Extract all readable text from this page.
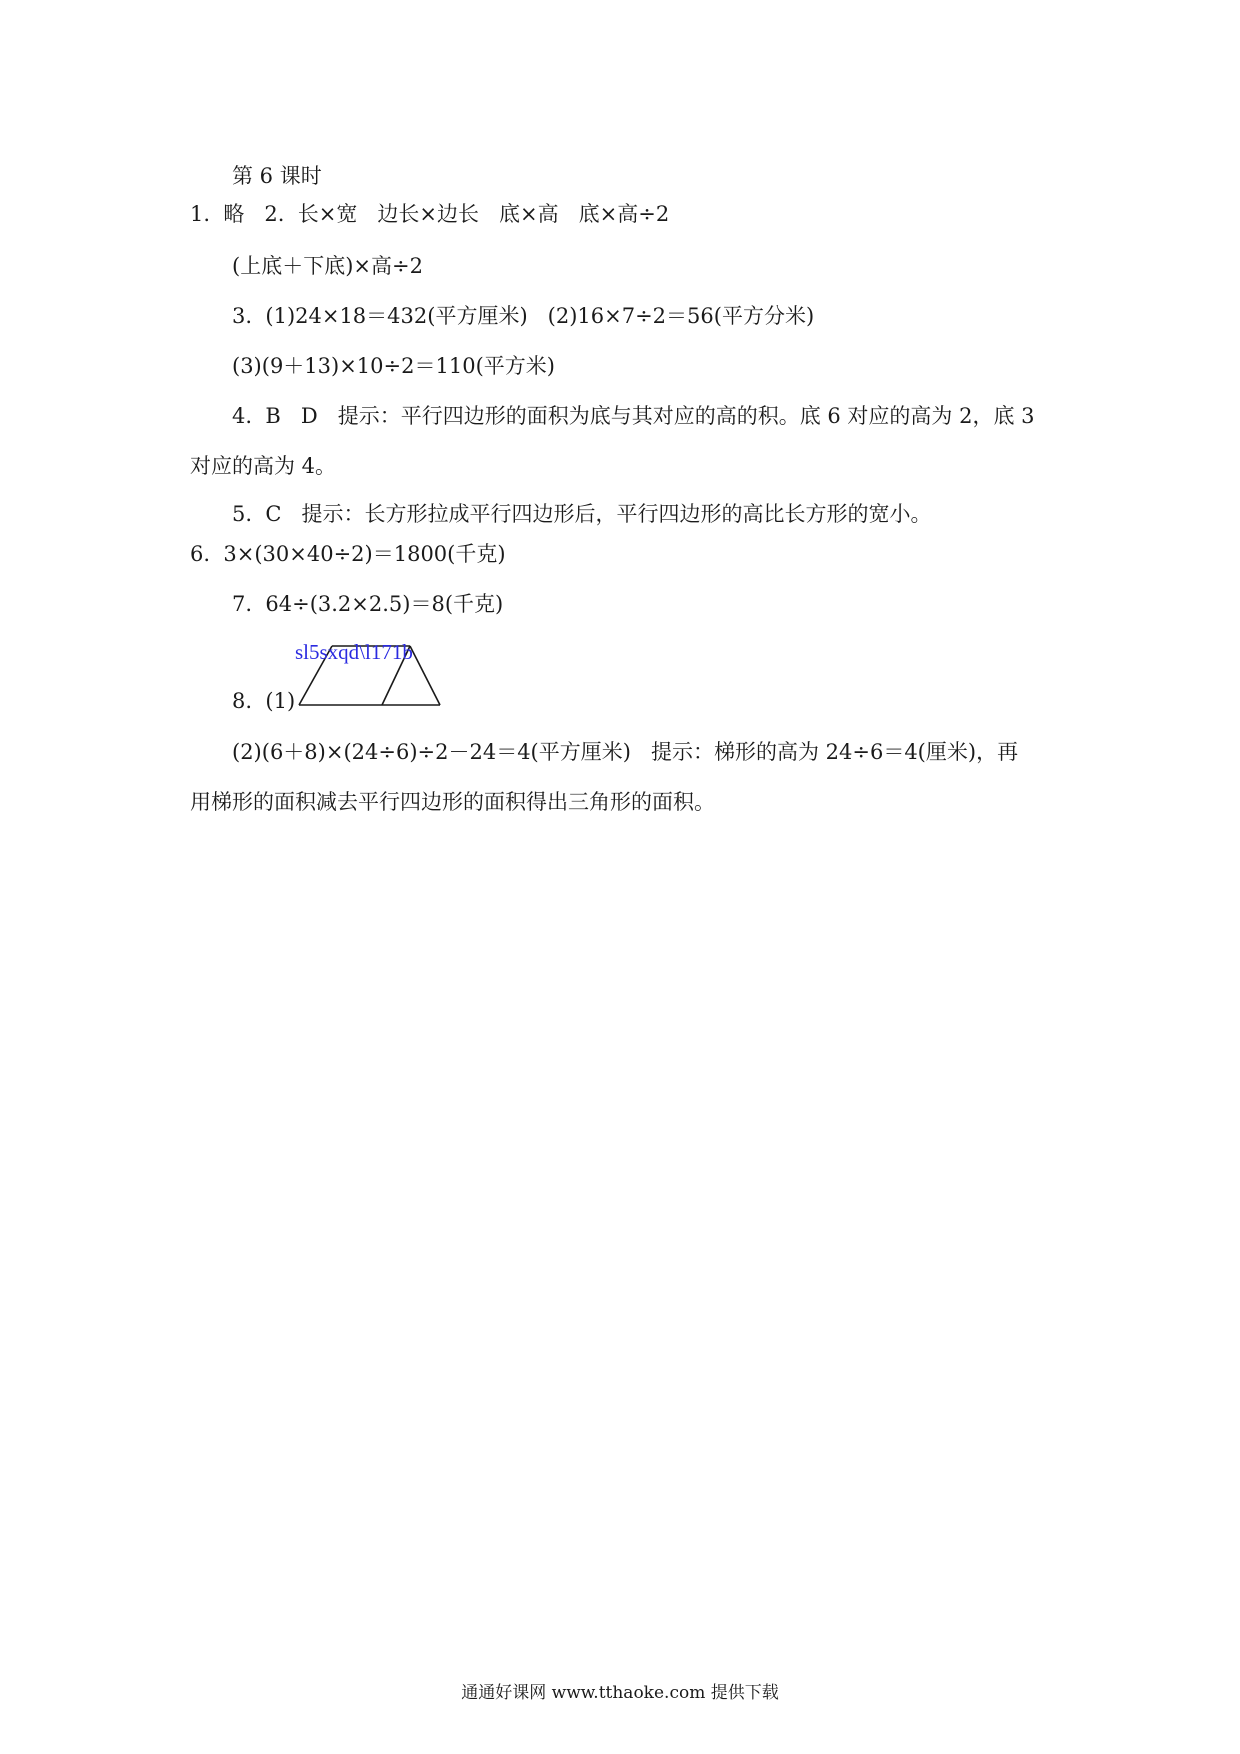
第 6 课时
1.  略   2.  长×宽   边长×边长   底×高   底×高÷2
(上底＋下底)×高÷2
3.  (1)24×18＝432(平方厘米)   (2)16×7÷2＝56(平方分米)
(3)(9＋13)×10÷2＝110(平方米)
4.  B   D   提示：平行四边形的面积为底与其对应的高的积。底 6 对应的高为 2，底 3
对应的高为 4。
5.  C   提示：长方形拉成平行四边形后，平行四边形的高比长方形的宽小。
6.  3×(30×40÷2)＝1800(千克)
7.  64÷(3.2×2.5)＝8(千克)
8.  (1)
sl5sxqd\l171b
(2)(6＋8)×(24÷6)÷2－24＝4(平方厘米)   提示：梯形的高为 24÷6＝4(厘米)，再
用梯形的面积减去平行四边形的面积得出三角形的面积。
通通好课网 www.tthaoke.com 提供下载
